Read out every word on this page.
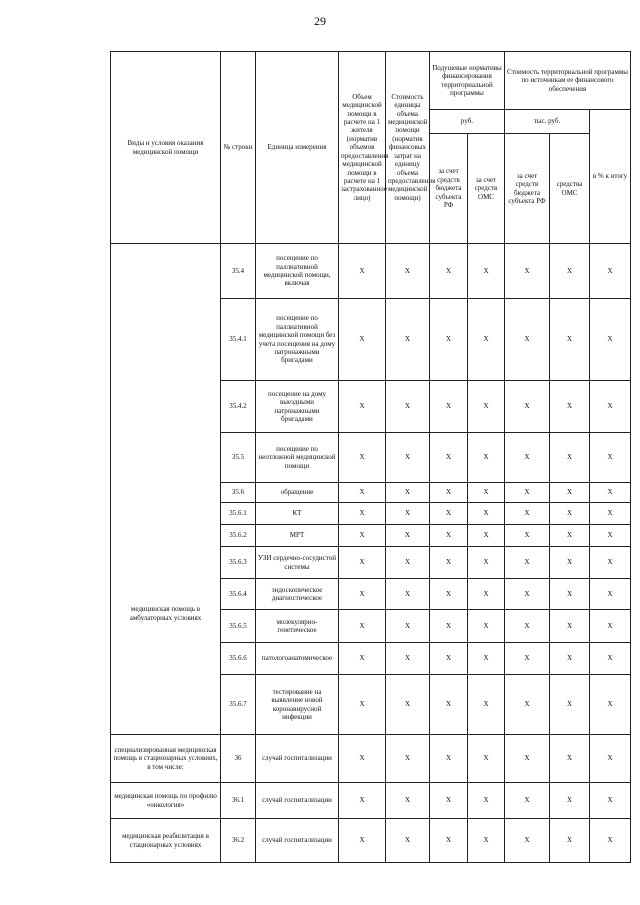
29
Виды и условия оказания медицинской помощи	№ строки	Единица измерения	Объем медицинской помощи в расчете на 1 жителя (норматив объемов предоставления медицинской помощи в расчете на 1 застрахованное лицо)	Стоимость единицы объема медицинской помощи (норматив финансовых затрат на единицу объема предоставления медицинской помощи)	Подушевые нормативы финансирования территориальной программы		Стоимость территориальной программы по источникам ее финансового обеспечения		
					руб.		тыс. руб.		в % к итогу
					за счет средств бюджета субъекта РФ	за счет средств ОМС	за счет средств бюджета субъекта РФ	средства ОМС	
медицинская помощь в амбулаторных условиях	35.4	посещение по паллиативной медицинской помощи, включая	Х	Х	Х	Х	Х	Х	Х
	35.4.1	посещение по паллиативной медицинской помощи без учета посещения на дому патронажными бригадами	Х	Х	Х	Х	Х	Х	Х
	35.4.2	посещение на дому выездными патронажными бригадами	Х	Х	Х	Х	Х	Х	Х
	35.5	посещение по неотложной медицинской помощи	Х	Х	Х	Х	Х	Х	Х
	35.6	обращение	Х	Х	Х	Х	Х	Х	Х
	35.6.1	КТ	Х	Х	Х	Х	Х	Х	Х
	35.6.2	МРТ	Х	Х	Х	Х	Х	Х	Х
	35.6.3	УЗИ сердечно-сосудистой системы	Х	Х	Х	Х	Х	Х	Х
	35.6.4	эндоскопическое диагностическое	Х	Х	Х	Х	Х	Х	Х
	35.6.5	молекулярно-генетическое	Х	Х	Х	Х	Х	Х	Х
	35.6.6	патологоанатомическое	Х	Х	Х	Х	Х	Х	Х
	35.6.7	тестирование на выявление новой коронавирусной инфекции	Х	Х	Х	Х	Х	Х	Х
специализированная медицинская помощь в стационарных условиях, в том числе:	36	случай госпитализации	Х	Х	Х	Х	Х	Х	Х
медицинская помощь по профилю «онкология»	36.1	случай госпитализации	Х	Х	Х	Х	Х	Х	Х
медицинская реабилитация в стационарных условиях	36.2	случай госпитализации	Х	Х	Х	Х	Х	Х	Х
